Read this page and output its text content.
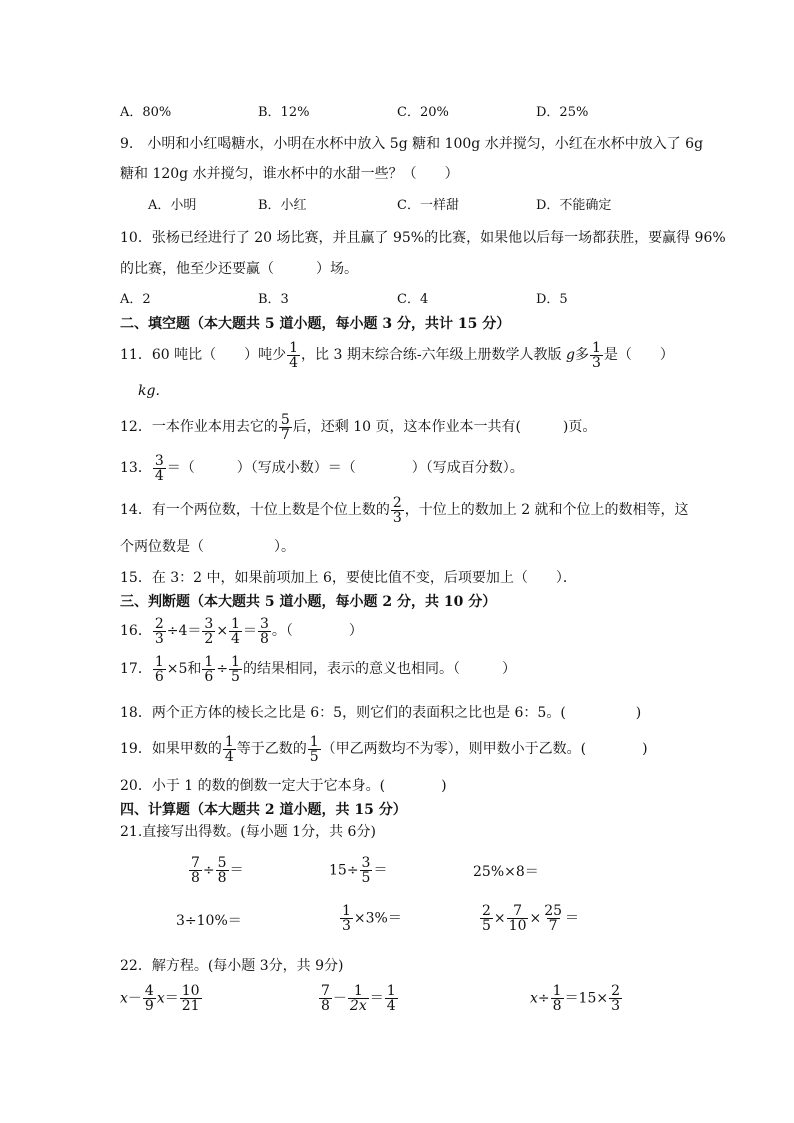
A．80%	B．12%	C．20%	D．25%
9.　小明和小红喝糖水，小明在水杯中放入 5g 糖和 100g 水并搅匀，小红在水杯中放入了 6g
糖和 120g 水并搅匀，谁水杯中的水甜一些？（　　）
A．小明	B．小红	C．一样甜	D．不能确定
10．张杨已经进行了 20 场比赛，并且赢了 95%的比赛，如果他以后每一场都获胜，要赢得 96%
的比赛，他至少还要赢（　　　）场。
A．2	B．3	C．4	D．5
二、填空题（本大题共 5 道小题，每小题 3 分，共计 15 分）
11．60 吨比（　　）吨少 $\frac{1}{4}$ ，比 3 期末综合练-六年级上册数学人教版 g多 $\frac{1}{3}$ 是（　　）
kg.
12．一本作业本用去它的 $\frac{5}{7}$ 后，还剩 10 页，这本作业本一共有(　　　)页。
13． $\frac{3}{4}$ ＝（　　　）（写成小数）＝（　　　　）（写成百分数）。
14．有一个两位数，十位上数是个位上数的 $\frac{2}{3}$ ，十位上的数加上 2 就和个位上的数相等，这
个两位数是（　　　　　）。
15．在 3：2 中，如果前项加上 6，要使比值不变，后项要加上（　　）．
三、判断题（本大题共 5 道小题，每小题 2 分，共 10 分）
16． $\frac{2}{3} \div 4= \frac{3}{2} \times \frac{1}{4} = \frac{3}{8}$ 。（　　　　）
17． $\frac{1}{6} \times 5$和 $\frac{1}{6} \div \frac{1}{5}$ 的结果相同，表示的意义也相同。（　　　）
18．两个正方体的棱长之比是 6：5，则它们的表面积之比也是 6：5。(　　　　　)
19．如果甲数的 $\frac{1}{4}$ 等于乙数的 $\frac{1}{5}$ （甲乙两数均不为零），则甲数小于乙数。(　　　　)
20．小于 1 的数的倒数一定大于它本身。(　　　　)
四、计算题（本大题共 2 道小题，共 15 分）
21.直接写出得数。(每小题 1分，共 6分)
$\frac{7}{8} \div \frac{5}{8}$ ＝	$15\div \frac{3}{5}$ ＝	25%×8＝
3÷10%＝	$\frac{1}{3} \times 3\%=$	$\frac{2}{5} \times \frac{7}{10} \times \frac{25}{7}$ ＝
22．解方程。(每小题 3分，共 9分)
$x- \frac{4}{9} x= \frac{10}{21}$	$\frac{7}{8} - \frac{1}{2x} = \frac{1}{4}$	$x\div \frac{1}{8} =15\times \frac{2}{3}$
